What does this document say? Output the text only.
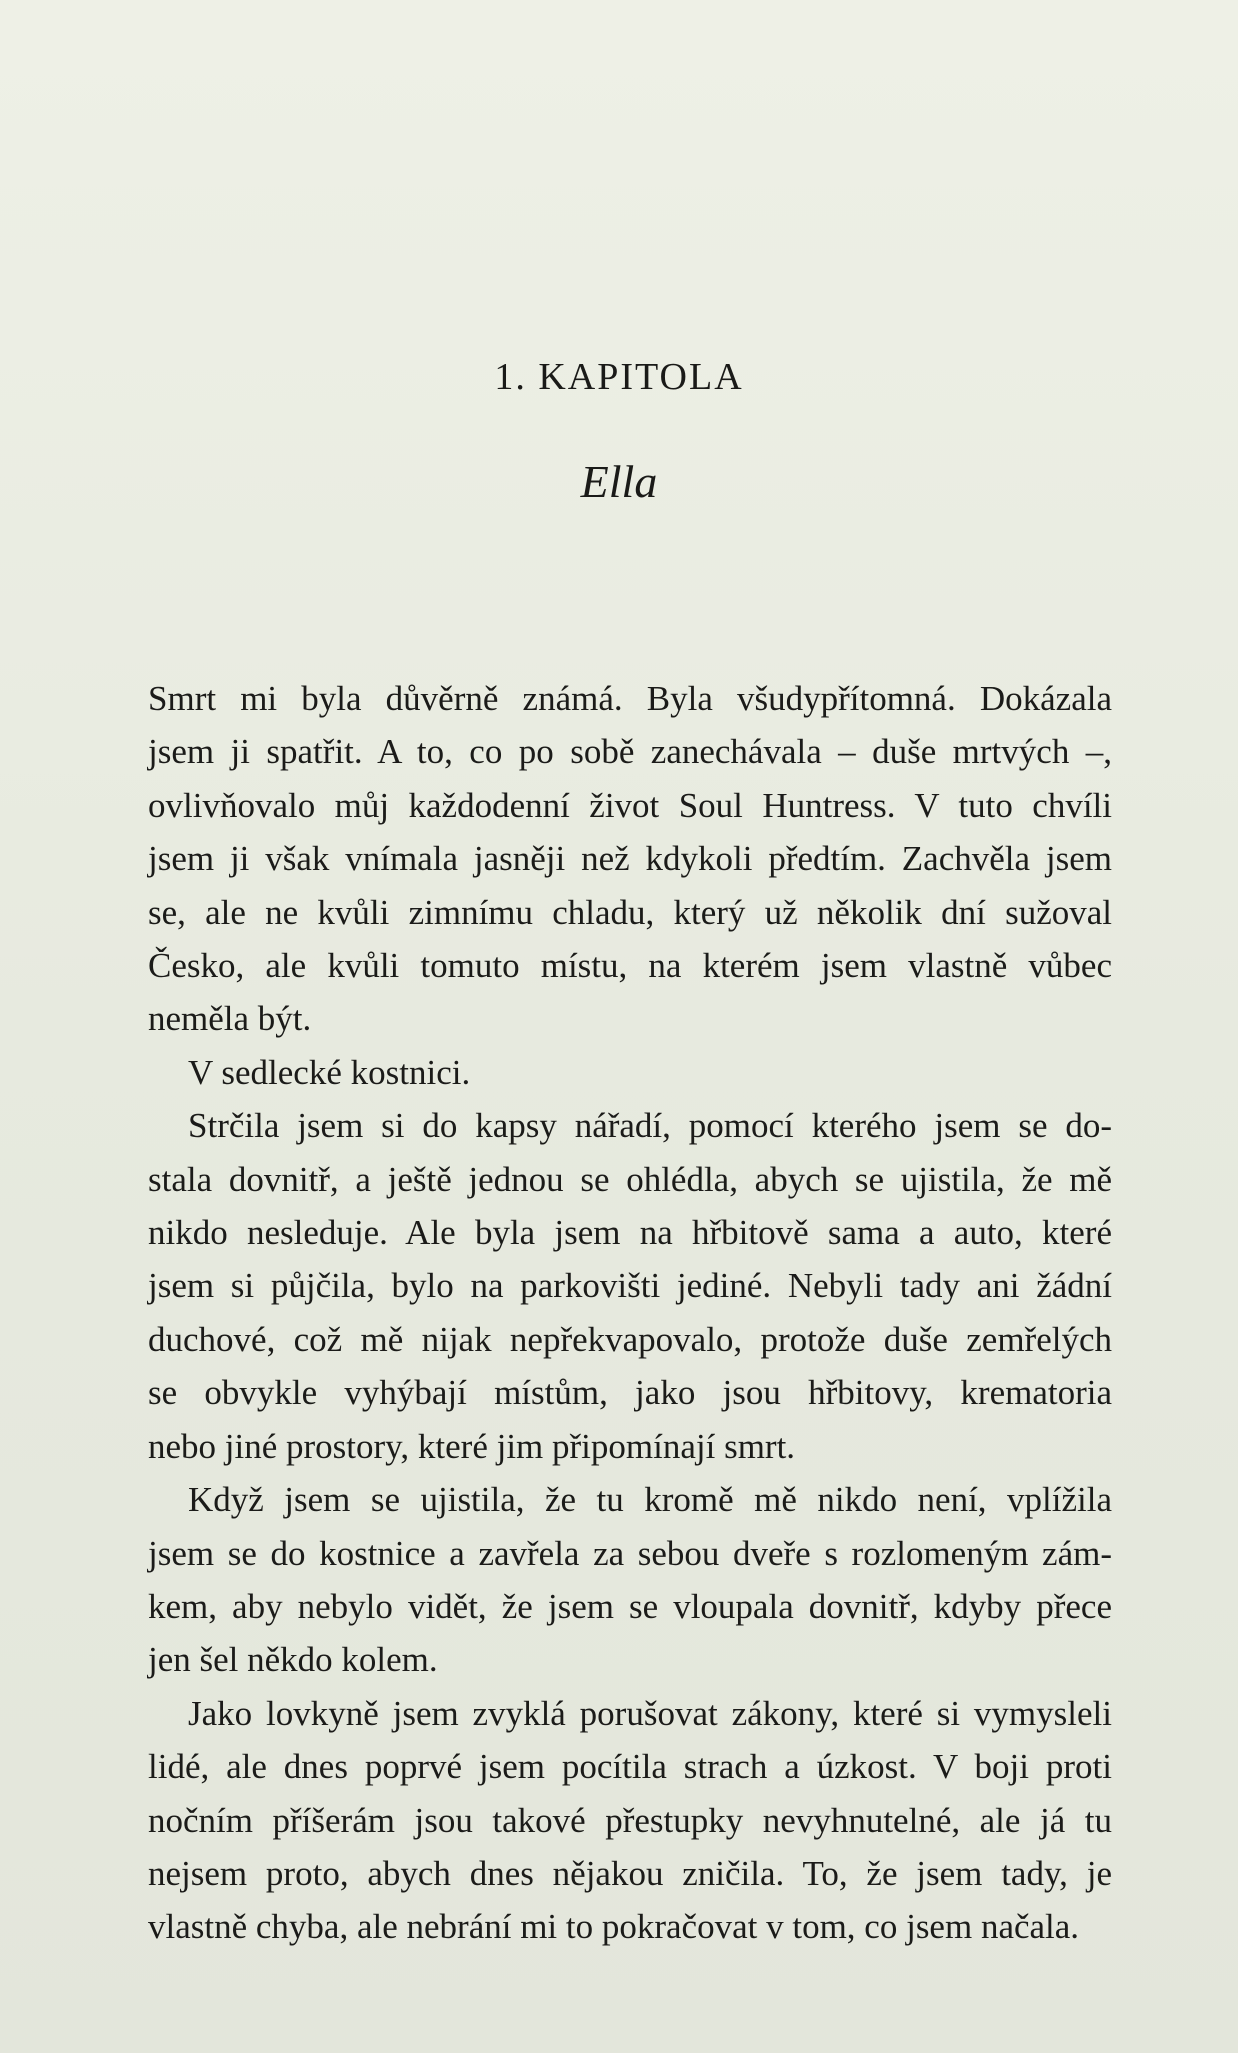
1. KAPITOLA
Ella
Smrt mi byla důvěrně známá. Byla všudypřítomná. Dokázala
jsem ji spatřit. A to, co po sobě zanechávala – duše mrtvých –,
ovlivňovalo můj každodenní život Soul Huntress. V tuto chvíli
jsem ji však vnímala jasněji než kdykoli předtím. Zachvěla jsem
se, ale ne kvůli zimnímu chladu, který už několik dní sužoval
Česko, ale kvůli tomuto místu, na kterém jsem vlastně vůbec
neměla být.
V sedlecké kostnici.
Strčila jsem si do kapsy nářadí, pomocí kterého jsem se do-
stala dovnitř, a ještě jednou se ohlédla, abych se ujistila, že mě
nikdo nesleduje. Ale byla jsem na hřbitově sama a auto, které
jsem si půjčila, bylo na parkovišti jediné. Nebyli tady ani žádní
duchové, což mě nijak nepřekvapovalo, protože duše zemřelých
se obvykle vyhýbají místům, jako jsou hřbitovy, krematoria
nebo jiné prostory, které jim připomínají smrt.
Když jsem se ujistila, že tu kromě mě nikdo není, vplížila
jsem se do kostnice a zavřela za sebou dveře s rozlomeným zám-
kem, aby nebylo vidět, že jsem se vloupala dovnitř, kdyby přece
jen šel někdo kolem.
Jako lovkyně jsem zvyklá porušovat zákony, které si vymysleli
lidé, ale dnes poprvé jsem pocítila strach a úzkost. V boji proti
nočním příšerám jsou takové přestupky nevyhnutelné, ale já tu
nejsem proto, abych dnes nějakou zničila. To, že jsem tady, je
vlastně chyba, ale nebrání mi to pokračovat v tom, co jsem načala.
